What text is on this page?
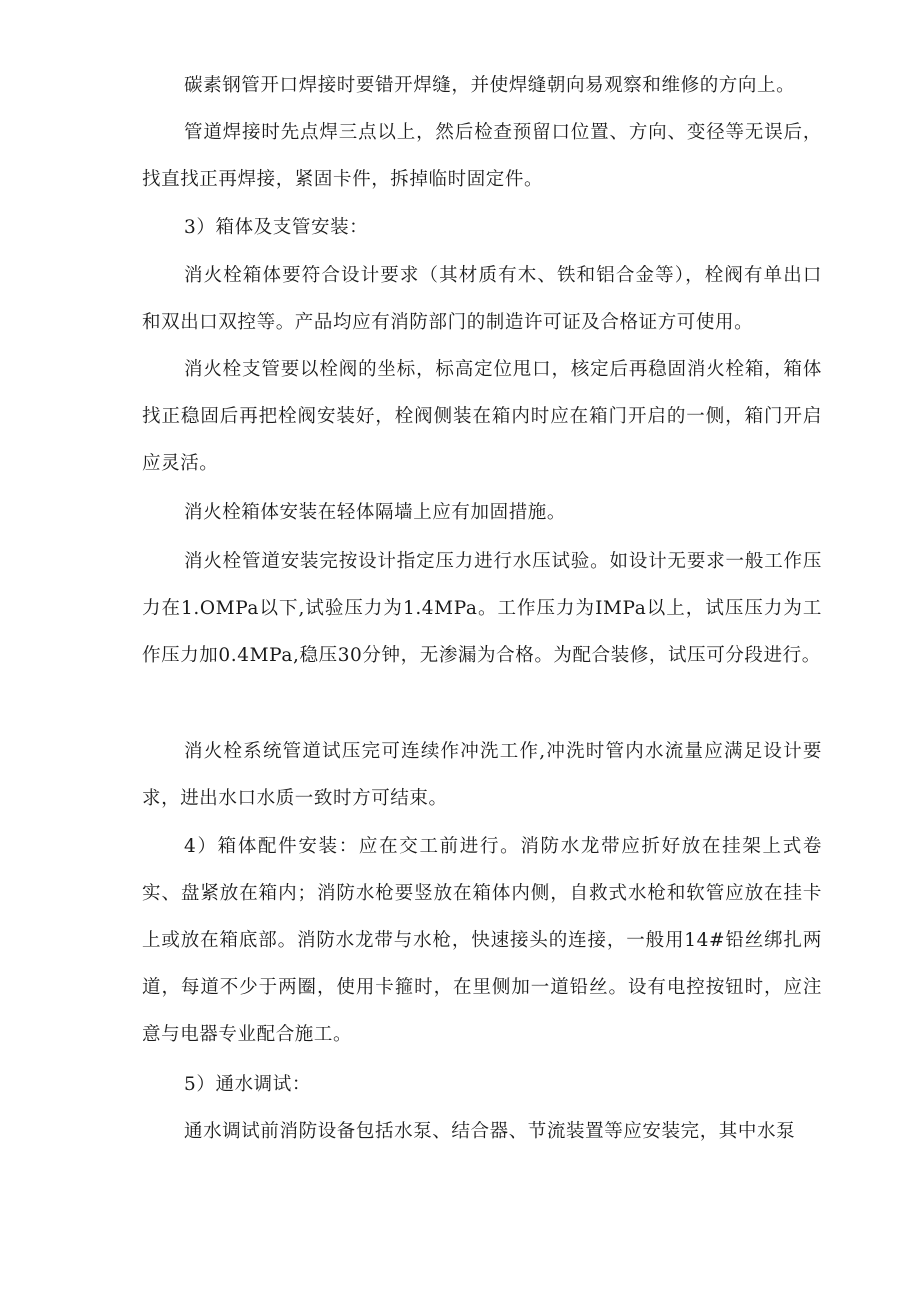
碳素钢管开口焊接时要错开焊缝，并使焊缝朝向易观察和维修的方向上。

管道焊接时先点焊三点以上，然后检查预留口位置、方向、变径等无误后，找直找正再焊接，紧固卡件，拆掉临时固定件。

3）箱体及支管安装：

消火栓箱体要符合设计要求（其材质有木、铁和铝合金等），栓阀有单出口和双出口双控等。产品均应有消防部门的制造许可证及合格证方可使用。

消火栓支管要以栓阀的坐标，标高定位甩口，核定后再稳固消火栓箱，箱体找正稳固后再把栓阀安装好，栓阀侧装在箱内时应在箱门开启的一侧，箱门开启应灵活。

消火栓箱体安装在轻体隔墙上应有加固措施。

消火栓管道安装完按设计指定压力进行水压试验。如设计无要求一般工作压力在1.OMPa以下,试验压力为1.4MPa。工作压力为IMPa以上，试压压力为工作压力加0.4MPa,稳压30分钟，无渗漏为合格。为配合装修，试压可分段进行。

消火栓系统管道试压完可连续作冲洗工作,冲洗时管内水流量应满足设计要求，进出水口水质一致时方可结束。

4）箱体配件安装：应在交工前进行。消防水龙带应折好放在挂架上式卷实、盘紧放在箱内；消防水枪要竖放在箱体内侧，自救式水枪和软管应放在挂卡上或放在箱底部。消防水龙带与水枪，快速接头的连接，一般用14#铅丝绑扎两道，每道不少于两圈，使用卡箍时，在里侧加一道铅丝。设有电控按钮时，应注意与电器专业配合施工。

5）通水调试：

通水调试前消防设备包括水泵、结合器、节流装置等应安装完，其中水泵
